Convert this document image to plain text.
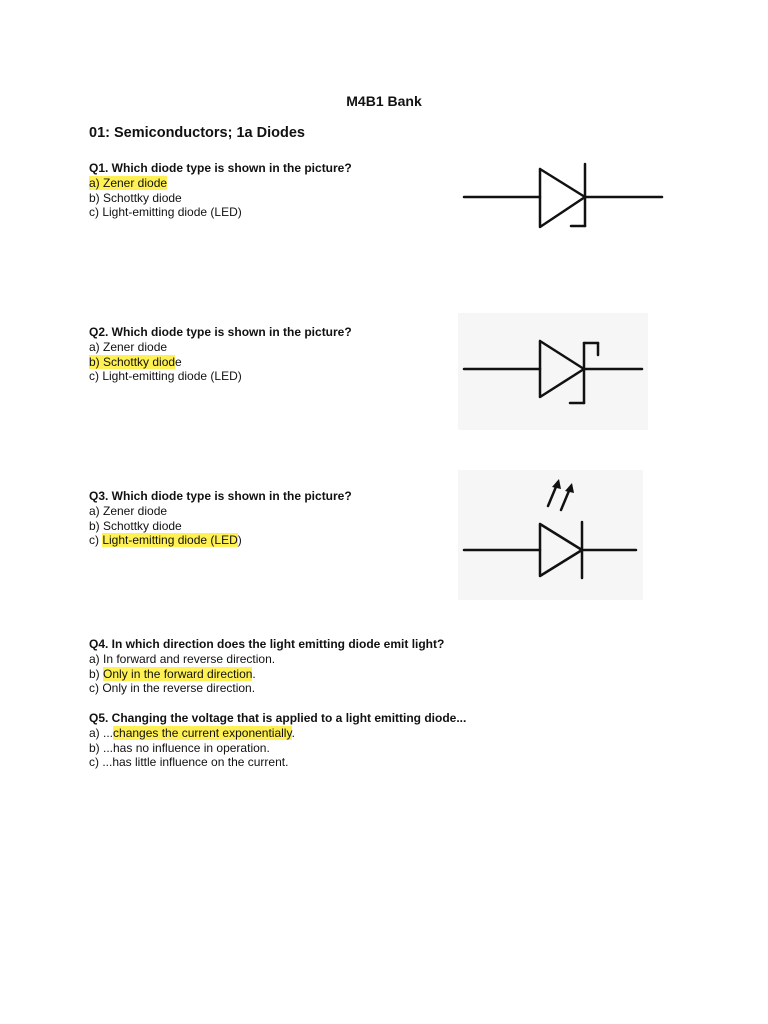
M4B1 Bank
01: Semiconductors; 1a Diodes
Q1. Which diode type is shown in the picture?
a) Zener diode
b) Schottky diode
c) Light-emitting diode (LED)
Q2. Which diode type is shown in the picture?
a) Zener diode
b) Schottky diode
c) Light-emitting diode (LED)
Q3. Which diode type is shown in the picture?
a) Zener diode
b) Schottky diode
c) Light-emitting diode (LED)
Q4. In which direction does the light emitting diode emit light?
a) In forward and reverse direction.
b) Only in the forward direction.
c) Only in the reverse direction.
Q5. Changing the voltage that is applied to a light emitting diode...
a) ...changes the current exponentially.
b) ...has no influence in operation.
c) ...has little influence on the current.
